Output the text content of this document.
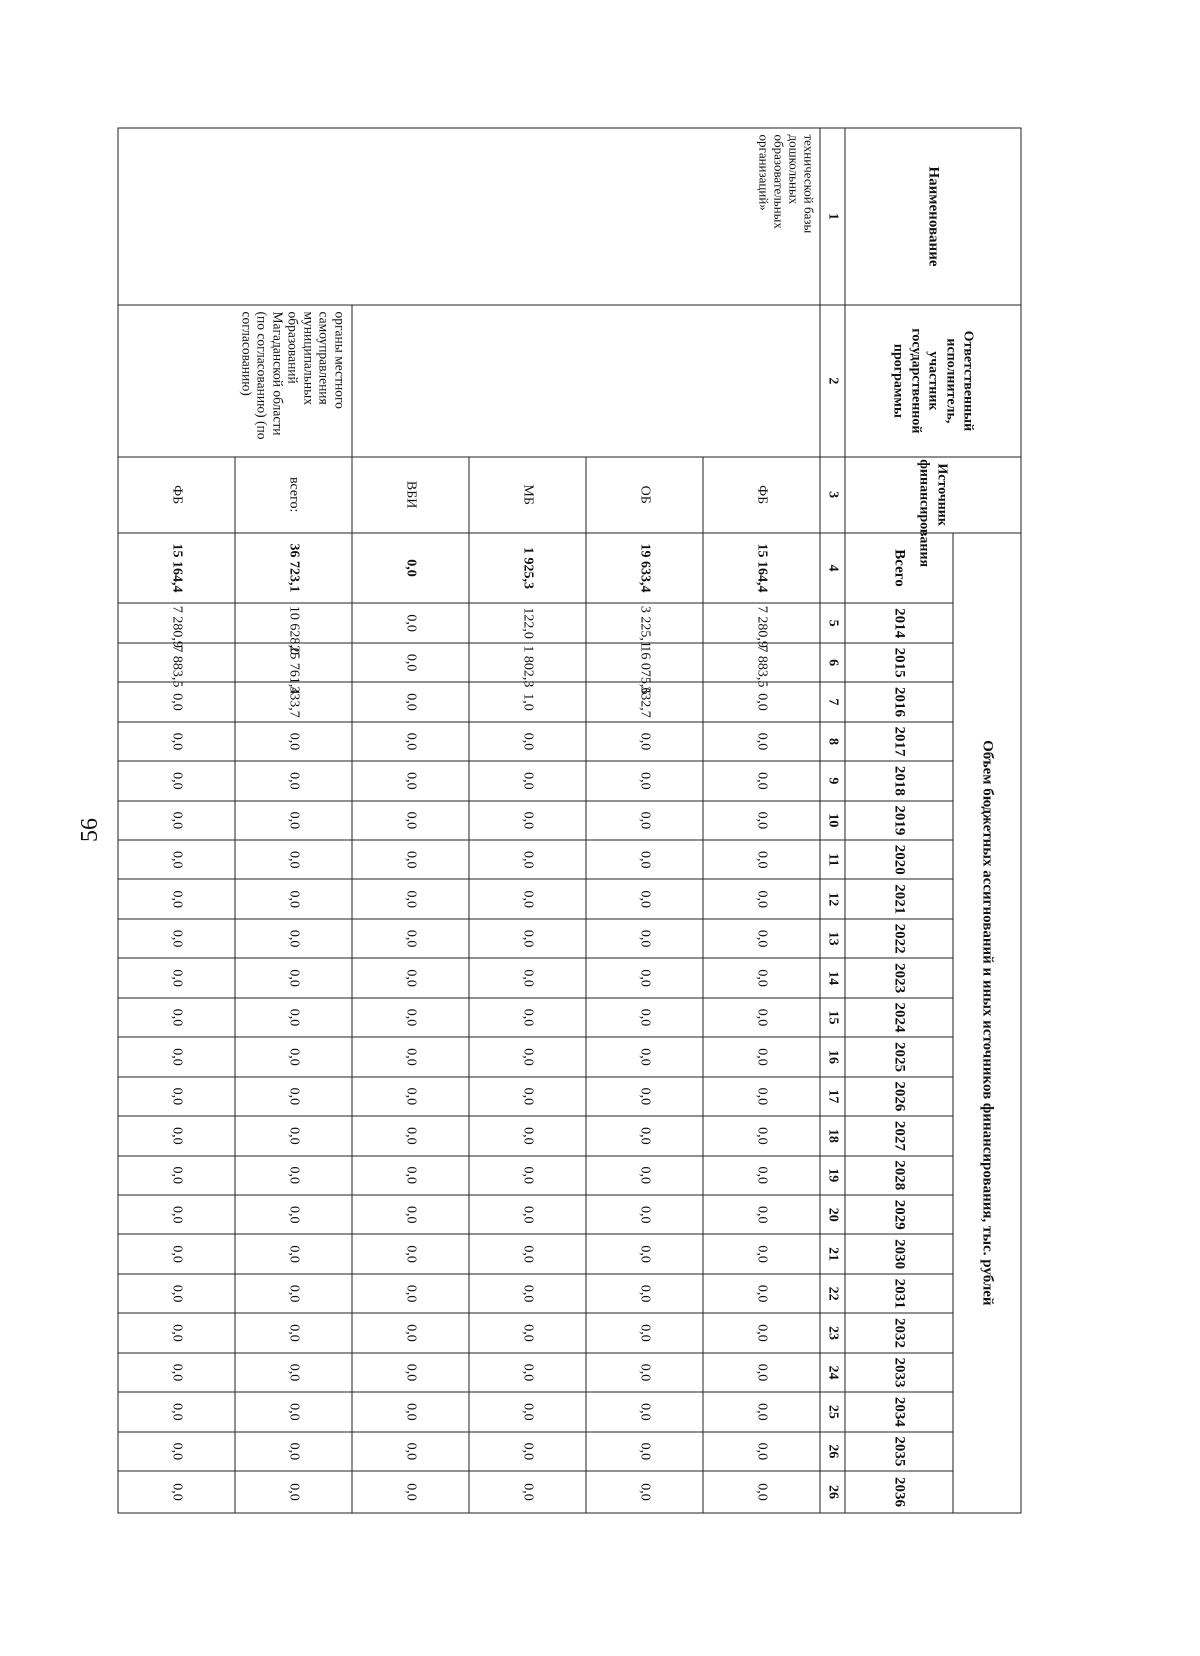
56
Наименование	Ответственный исполнитель, участник государственной программы	Источник финансирования	Объем бюджетных ассигнований и иных источников финансирования, тыс. рублей																							
			Всего	2014	2015	2016	2017	2018	2019	2020	2021	2022	2023	2024	2025	2026	2027	2028	2029	2030	2031	2032	2033	2034	2035	2036
1	2	3	4	5	6	7	8	9	10	11	12	13	14	15	16	17	18	19	20	21	22	23	24	25	26	26
технической базы дошкольных образовательных организаций»		ФБ	15 164,4	7 280,9	7 883,5	0,0	0,0	0,0	0,0	0,0	0,0	0,0	0,0	0,0	0,0	0,0	0,0	0,0	0,0	0,0	0,0	0,0	0,0	0,0	0,0	0,0
		ОБ	19 633,4	3 225,1	16 075,6	332,7	0,0	0,0	0,0	0,0	0,0	0,0	0,0	0,0	0,0	0,0	0,0	0,0	0,0	0,0	0,0	0,0	0,0	0,0	0,0	0,0
		МБ	1 925,3	122,0	1 802,3	1,0	0,0	0,0	0,0	0,0	0,0	0,0	0,0	0,0	0,0	0,0	0,0	0,0	0,0	0,0	0,0	0,0	0,0	0,0	0,0	0,0
		ВБИ	0,0	0,0	0,0	0,0	0,0	0,0	0,0	0,0	0,0	0,0	0,0	0,0	0,0	0,0	0,0	0,0	0,0	0,0	0,0	0,0	0,0	0,0	0,0	0,0
	органы местного самоуправления муниципальных образований Магаданской области (по согласованию) (по согласованию)	всего:	36 723,1	10 628,0	25 761,4	333,7	0,0	0,0	0,0	0,0	0,0	0,0	0,0	0,0	0,0	0,0	0,0	0,0	0,0	0,0	0,0	0,0	0,0	0,0	0,0	0,0
		ФБ	15 164,4	7 280,9	7 883,5	0,0	0,0	0,0	0,0	0,0	0,0	0,0	0,0	0,0	0,0	0,0	0,0	0,0	0,0	0,0	0,0	0,0	0,0	0,0	0,0	0,0
